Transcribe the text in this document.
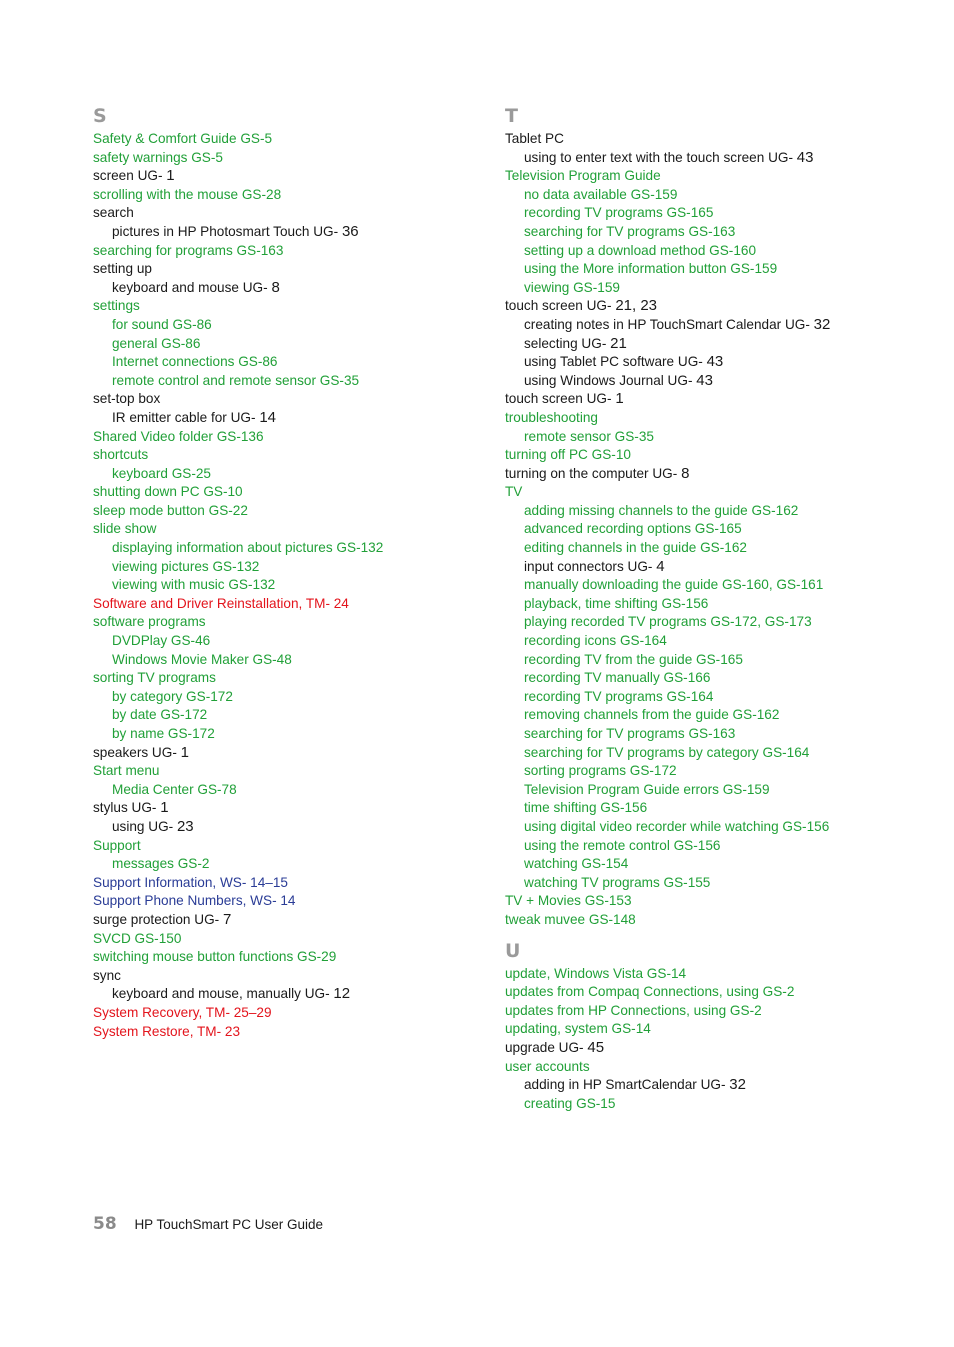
S
Safety & Comfort Guide GS-5
safety warnings GS-5
screen UG- 1
scrolling with the mouse GS-28
search
pictures in HP Photosmart Touch UG- 36
searching for programs GS-163
setting up
keyboard and mouse UG- 8
settings
for sound GS-86
general GS-86
Internet connections GS-86
remote control and remote sensor GS-35
set-top box
IR emitter cable for UG- 14
Shared Video folder GS-136
shortcuts
keyboard GS-25
shutting down PC GS-10
sleep mode button GS-22
slide show
displaying information about pictures GS-132
viewing pictures GS-132
viewing with music GS-132
Software and Driver Reinstallation, TM- 24
software programs
DVDPlay GS-46
Windows Movie Maker GS-48
sorting TV programs
by category GS-172
by date GS-172
by name GS-172
speakers UG- 1
Start menu
Media Center GS-78
stylus UG- 1
using UG- 23
Support
messages GS-2
Support Information, WS- 14–15
Support Phone Numbers, WS- 14
surge protection UG- 7
SVCD GS-150
switching mouse button functions GS-29
sync
keyboard and mouse, manually UG- 12
System Recovery, TM- 25–29
System Restore, TM- 23
T
Tablet PC
using to enter text with the touch screen UG- 43
Television Program Guide
no data available GS-159
recording TV programs GS-165
searching for TV programs GS-163
setting up a download method GS-160
using the More information button GS-159
viewing GS-159
touch screen UG- 21, 23
creating notes in HP TouchSmart Calendar UG- 32
selecting UG- 21
using Tablet PC software UG- 43
using Windows Journal UG- 43
touch screen UG- 1
troubleshooting
remote sensor GS-35
turning off PC GS-10
turning on the computer UG- 8
TV
adding missing channels to the guide GS-162
advanced recording options GS-165
editing channels in the guide GS-162
input connectors UG- 4
manually downloading the guide GS-160, GS-161
playback, time shifting GS-156
playing recorded TV programs GS-172, GS-173
recording icons GS-164
recording TV from the guide GS-165
recording TV manually GS-166
recording TV programs GS-164
removing channels from the guide GS-162
searching for TV programs GS-163
searching for TV programs by category GS-164
sorting programs GS-172
Television Program Guide errors GS-159
time shifting GS-156
using digital video recorder while watching GS-156
using the remote control GS-156
watching GS-154
watching TV programs GS-155
TV + Movies GS-153
tweak muvee GS-148
U
update, Windows Vista GS-14
updates from Compaq Connections, using GS-2
updates from HP Connections, using GS-2
updating, system GS-14
upgrade UG- 45
user accounts
adding in HP SmartCalendar UG- 32
creating GS-15
58 HP TouchSmart PC User Guide
